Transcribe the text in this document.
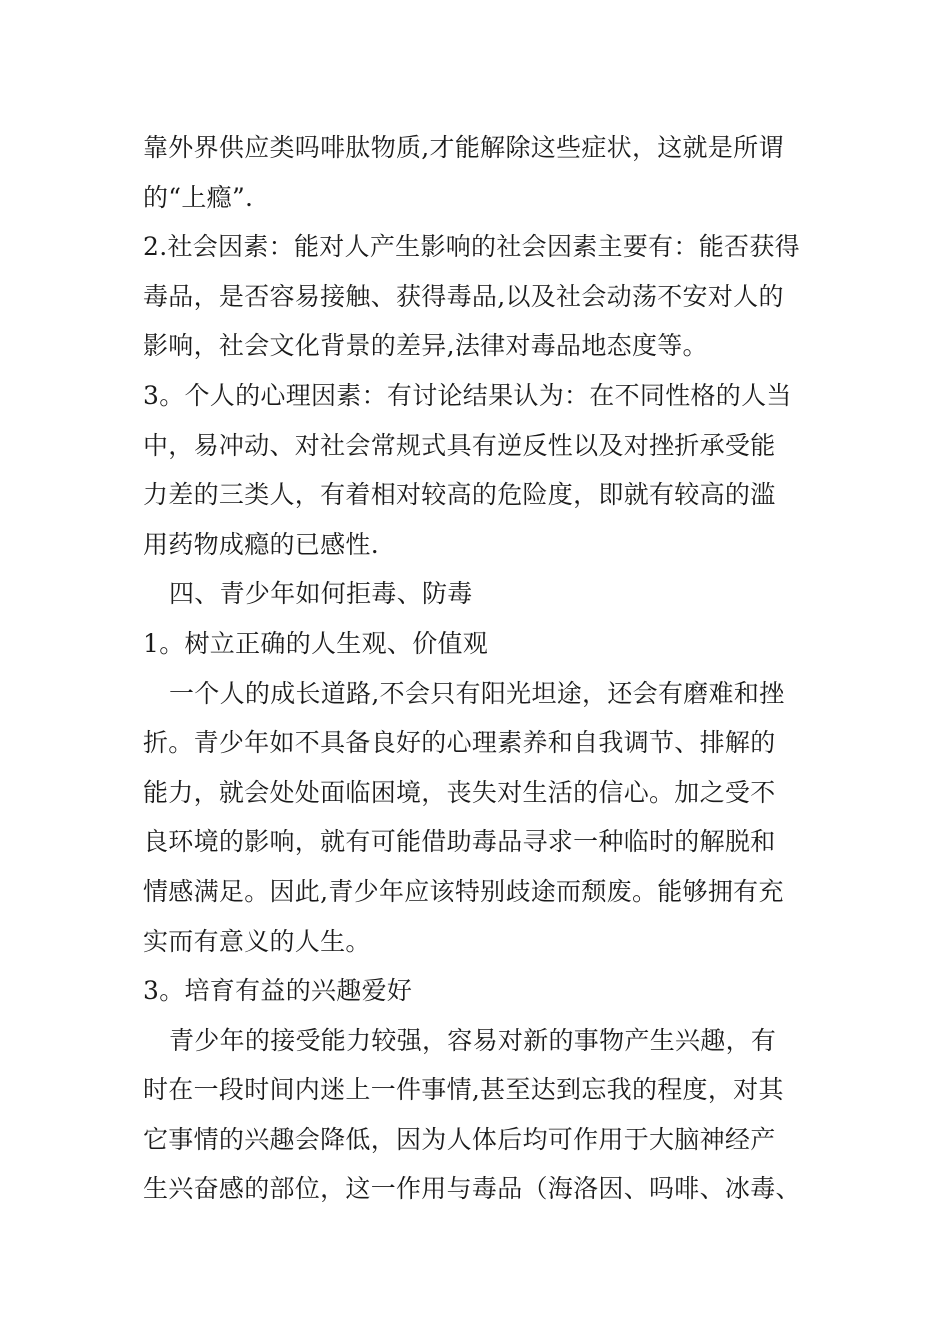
靠外界供应类吗啡肽物质,才能解除这些症状，这就是所谓
的“上瘾”.
2.社会因素：能对人产生影响的社会因素主要有：能否获得
毒品，是否容易接触、获得毒品,以及社会动荡不安对人的
影响，社会文化背景的差异,法律对毒品地态度等。
3。个人的心理因素：有讨论结果认为：在不同性格的人当
中，易冲动、对社会常规式具有逆反性以及对挫折承受能
力差的三类人，有着相对较高的危险度，即就有较高的滥
用药物成瘾的已感性.
四、青少年如何拒毒、防毒
1。树立正确的人生观、价值观
一个人的成长道路,不会只有阳光坦途，还会有磨难和挫
折。青少年如不具备良好的心理素养和自我调节、排解的
能力，就会处处面临困境，丧失对生活的信心。加之受不
良环境的影响，就有可能借助毒品寻求一种临时的解脱和
情感满足。因此,青少年应该特别歧途而颓废。能够拥有充
实而有意义的人生。
3。培育有益的兴趣爱好
青少年的接受能力较强，容易对新的事物产生兴趣，有
时在一段时间内迷上一件事情,甚至达到忘我的程度，对其
它事情的兴趣会降低，因为人体后均可作用于大脑神经产
生兴奋感的部位，这一作用与毒品（海洛因、吗啡、冰毒、
